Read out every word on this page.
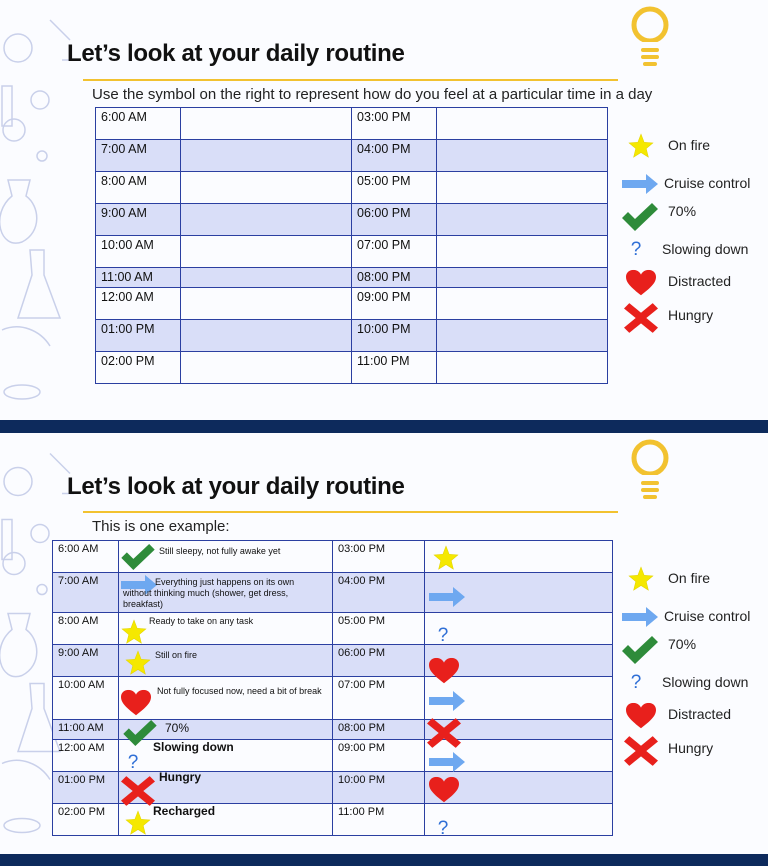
Let’s look at your daily routine
Use the symbol on the right to represent how do you feel at a particular time in a day
6:00 AM		03:00 PM	
7:00 AM		04:00 PM	
8:00 AM		05:00 PM	
9:00 AM		06:00 PM	
10:00 AM		07:00 PM	
11:00 AM		08:00 PM	
12:00 AM		09:00 PM	
01:00 PM		10:00 PM	
02:00 PM		11:00 PM	
On fire
Cruise control
70%
Slowing down
Distracted
Hungry
Let’s look at your daily routine
This is one example:
6:00 AM	Still sleepy, not fully awake yet	03:00 PM	

7:00 AM	Everything just happens on its own without thinking much (shower, get dress, breakfast)	04:00 PM	

8:00 AM	Ready to take on any task	05:00 PM	

9:00 AM	Still on fire	06:00 PM	

10:00 AM	Not fully focused now, need a bit of break	07:00 PM	

11:00 AM	70%	08:00 PM	

12:00 AM	Slowing down	09:00 PM	

01:00 PM	Hungry	10:00 PM	

02:00 PM	Recharged	11:00 PM	
On fire
Cruise control
70%
Slowing down
Distracted
Hungry
